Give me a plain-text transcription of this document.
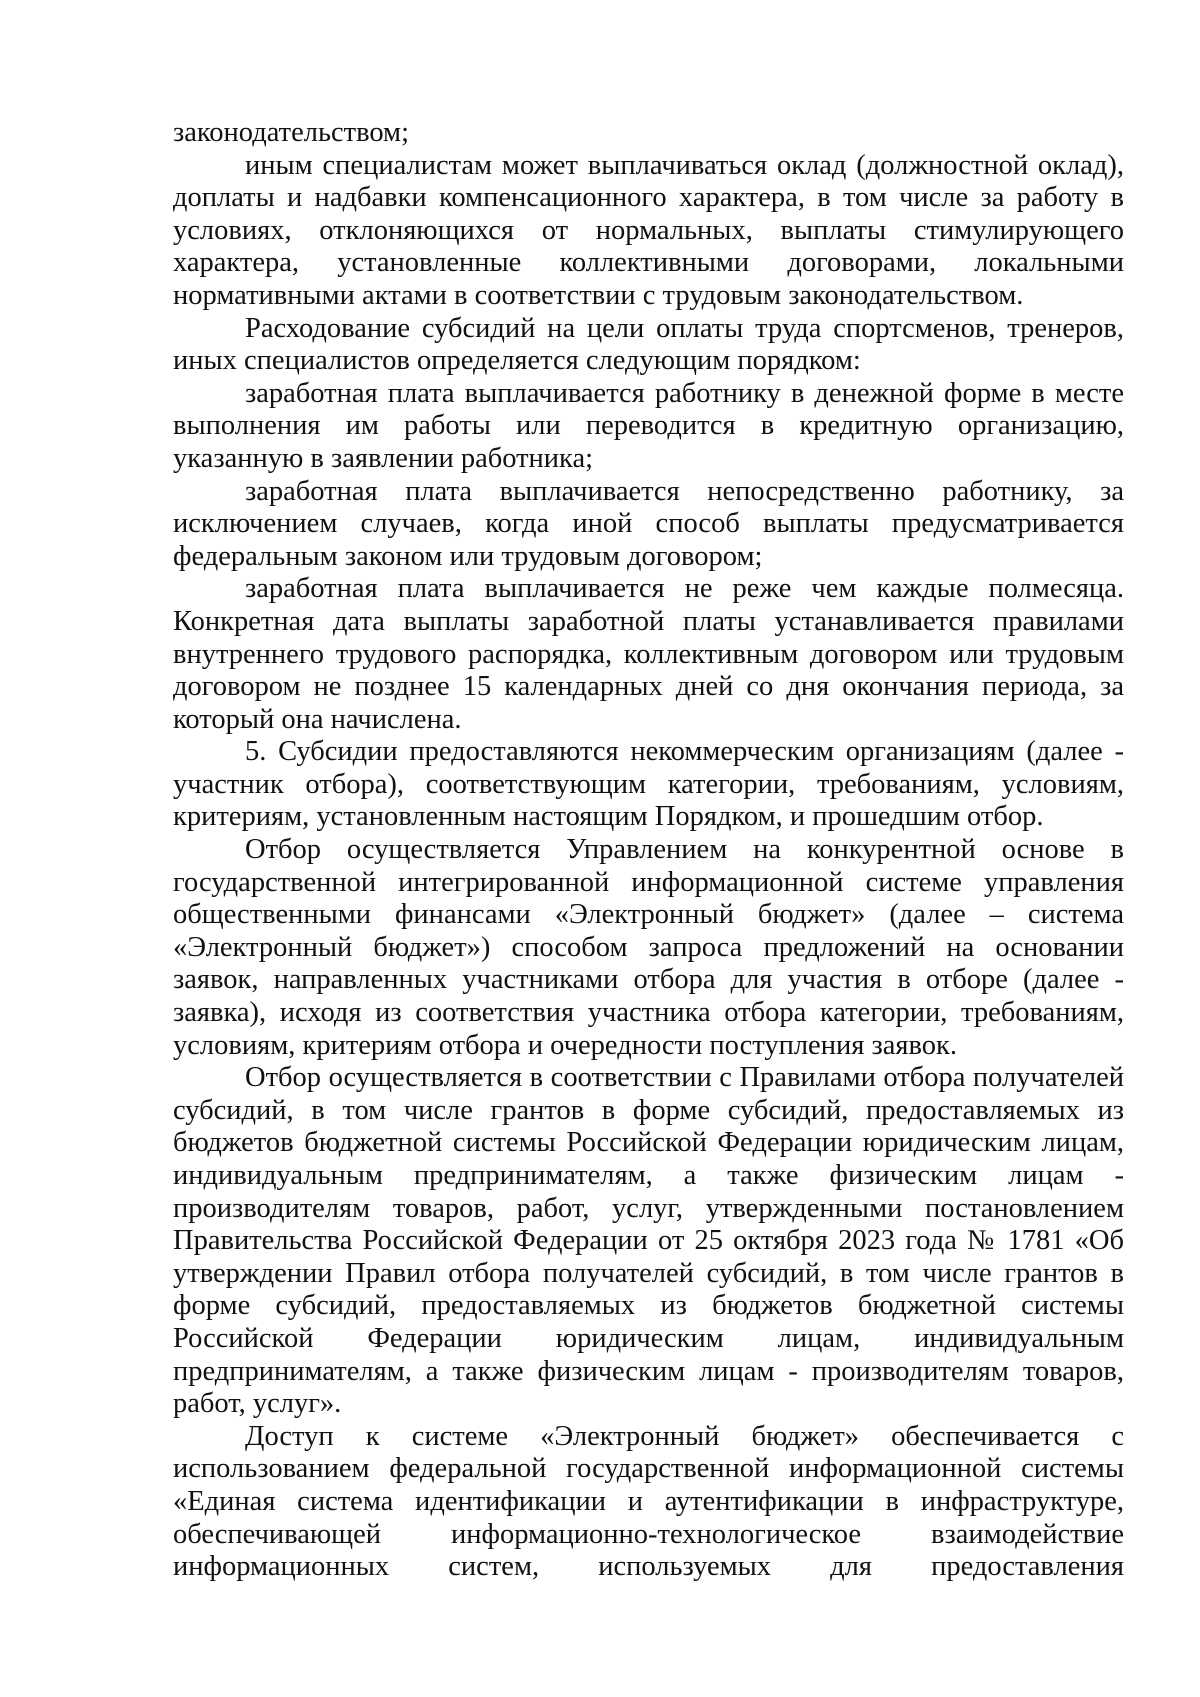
законодательством;

иным специалистам может выплачиваться оклад (должностной оклад), доплаты и надбавки компенсационного характера, в том числе за работу в условиях, отклоняющихся от нормальных, выплаты стимулирующего характера, установленные коллективными договорами, локальными нормативными актами в соответствии с трудовым законодательством.

Расходование субсидий на цели оплаты труда спортсменов, тренеров, иных специалистов определяется следующим порядком:

заработная плата выплачивается работнику в денежной форме в месте выполнения им работы или переводится в кредитную организацию, указанную в заявлении работника;

заработная плата выплачивается непосредственно работнику, за исключением случаев, когда иной способ выплаты предусматривается федеральным законом или трудовым договором;

заработная плата выплачивается не реже чем каждые полмесяца. Конкретная дата выплаты заработной платы устанавливается правилами внутреннего трудового распорядка, коллективным договором или трудовым договором не позднее 15 календарных дней со дня окончания периода, за который она начислена.

5. Субсидии предоставляются некоммерческим организациям (далее - участник отбора), соответствующим категории, требованиям, условиям, критериям, установленным настоящим Порядком, и прошедшим отбор.

Отбор осуществляется Управлением на конкурентной основе в государственной интегрированной информационной системе управления общественными финансами «Электронный бюджет» (далее – система «Электронный бюджет») способом запроса предложений на основании заявок, направленных участниками отбора для участия в отборе (далее - заявка), исходя из соответствия участника отбора категории, требованиям, условиям, критериям отбора и очередности поступления заявок.

Отбор осуществляется в соответствии с Правилами отбора получателей субсидий, в том числе грантов в форме субсидий, предоставляемых из бюджетов бюджетной системы Российской Федерации юридическим лицам, индивидуальным предпринимателям, а также физическим лицам - производителям товаров, работ, услуг, утвержденными постановлением Правительства Российской Федерации от 25 октября 2023 года № 1781 «Об утверждении Правил отбора получателей субсидий, в том числе грантов в форме субсидий, предоставляемых из бюджетов бюджетной системы Российской Федерации юридическим лицам, индивидуальным предпринимателям, а также физическим лицам - производителям товаров, работ, услуг».

Доступ к системе «Электронный бюджет» обеспечивается с использованием федеральной государственной информационной системы «Единая система идентификации и аутентификации в инфраструктуре, обеспечивающей информационно-технологическое взаимодействие информационных систем, используемых для предоставления
